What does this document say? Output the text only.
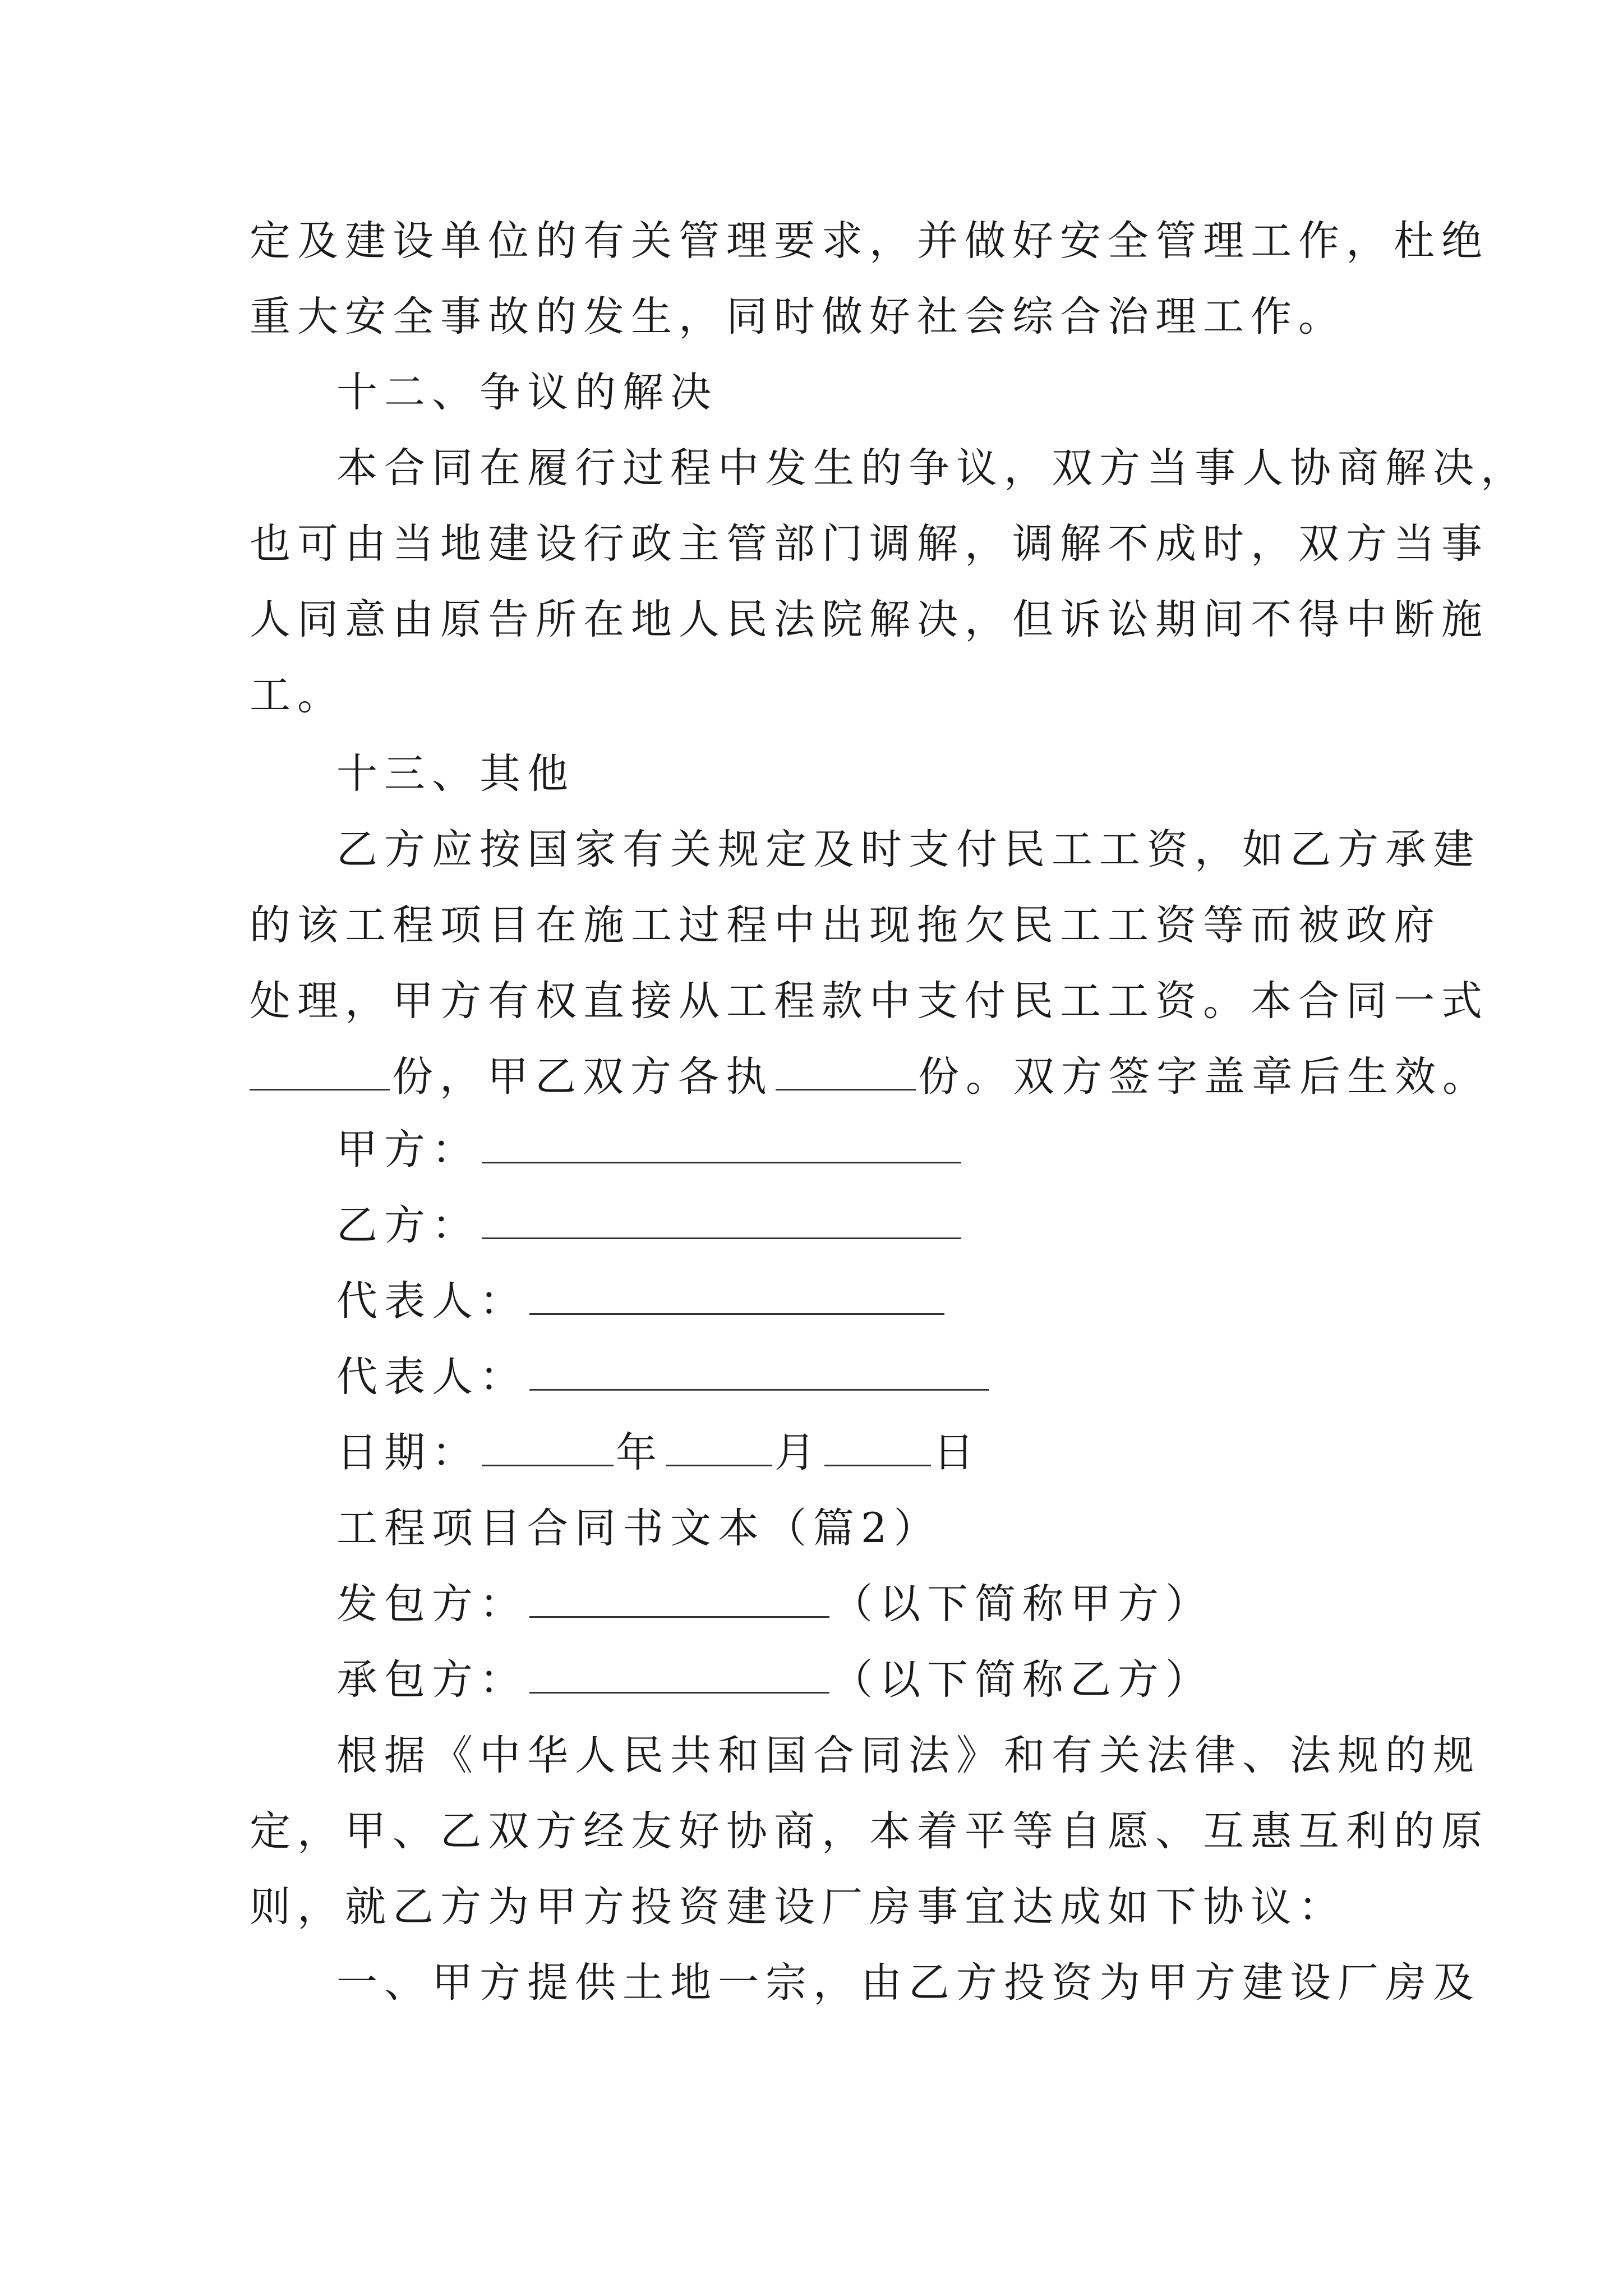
定及建设单位的有关管理要求，并做好安全管理工作，杜绝
重大安全事故的发生，同时做好社会综合治理工作。
十二、争议的解决
本合同在履行过程中发生的争议，双方当事人协商解决，
也可由当地建设行政主管部门调解，调解不成时，双方当事
人同意由原告所在地人民法院解决，但诉讼期间不得中断施
工。
十三、其他
乙方应按国家有关规定及时支付民工工资，如乙方承建
的该工程项目在施工过程中出现拖欠民工工资等而被政府
处理，甲方有权直接从工程款中支付民工工资。本合同一式
份，甲乙双方各执	份。双方签字盖章后生效。
甲方：
乙方：
代表人：
代表人：
日期：	年	月	日
工程项目合同书文本（篇2）
发包方：	（以下简称甲方）
承包方：	（以下简称乙方）
根据《中华人民共和国合同法》和有关法律、法规的规
定，甲、乙双方经友好协商，本着平等自愿、互惠互利的原
则，就乙方为甲方投资建设厂房事宜达成如下协议：
一、甲方提供土地一宗，由乙方投资为甲方建设厂房及
